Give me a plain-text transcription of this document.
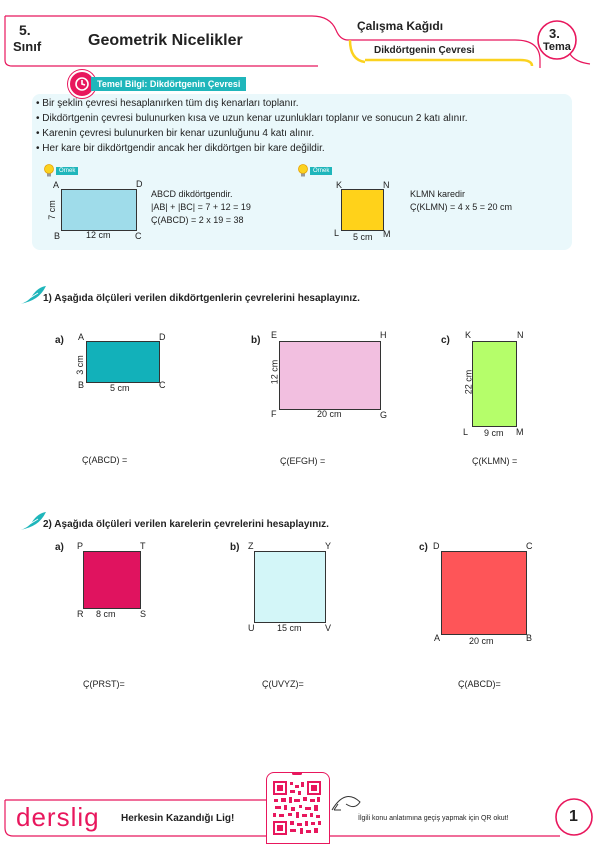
5.
Sınıf	Geometrik Nicelikler
Çalışma Kağıdı
Dikdörtgenin Çevresi
3.
Tema
Temel Bilgi: Dikdörtgenin Çevresi
• Bir şeklin çevresi hesaplanırken tüm dış kenarları toplanır.
• Dikdörtgenin çevresi bulunurken kısa ve uzun kenar uzunlukları toplanır ve sonucun 2 katı alınır.
• Karenin çevresi bulunurken bir kenar uzunluğunu 4 katı alınır.
• Her kare bir dikdörtgendir ancak her dikdörtgen bir kare değildir.
Örnek
A	D
B	C
7 cm
12 cm
ABCD dikdörtgendir.
|AB| + |BC| = 7 + 12 = 19
Ç(ABCD) = 2 x 19 = 38
Örnek
K	N
L	M
5 cm
KLMN karedir
Ç(KLMN) = 4 x 5 = 20 cm
1) Aşağıda ölçüleri verilen dikdörtgenlerin çevrelerini hesaplayınız.
a) A	D
B	C
3 cm
5 cm
Ç(ABCD) =
b) E	H
F	G
12 cm
20 cm
Ç(EFGH) =
c) K	N
L	M
22 cm
9 cm
Ç(KLMN) =
2) Aşağıda ölçüleri verilen karelerin çevrelerini hesaplayınız.
a) P	T
R	S
8 cm
Ç(PRST)=
b) Z	Y
U	V
15 cm
Ç(UVYZ)=
c) D	C
A	B
20 cm
Ç(ABCD)=
derslig Herkesin Kazandığı Lig!	İlgili konu anlatımına geçiş yapmak için QR okut!	1
